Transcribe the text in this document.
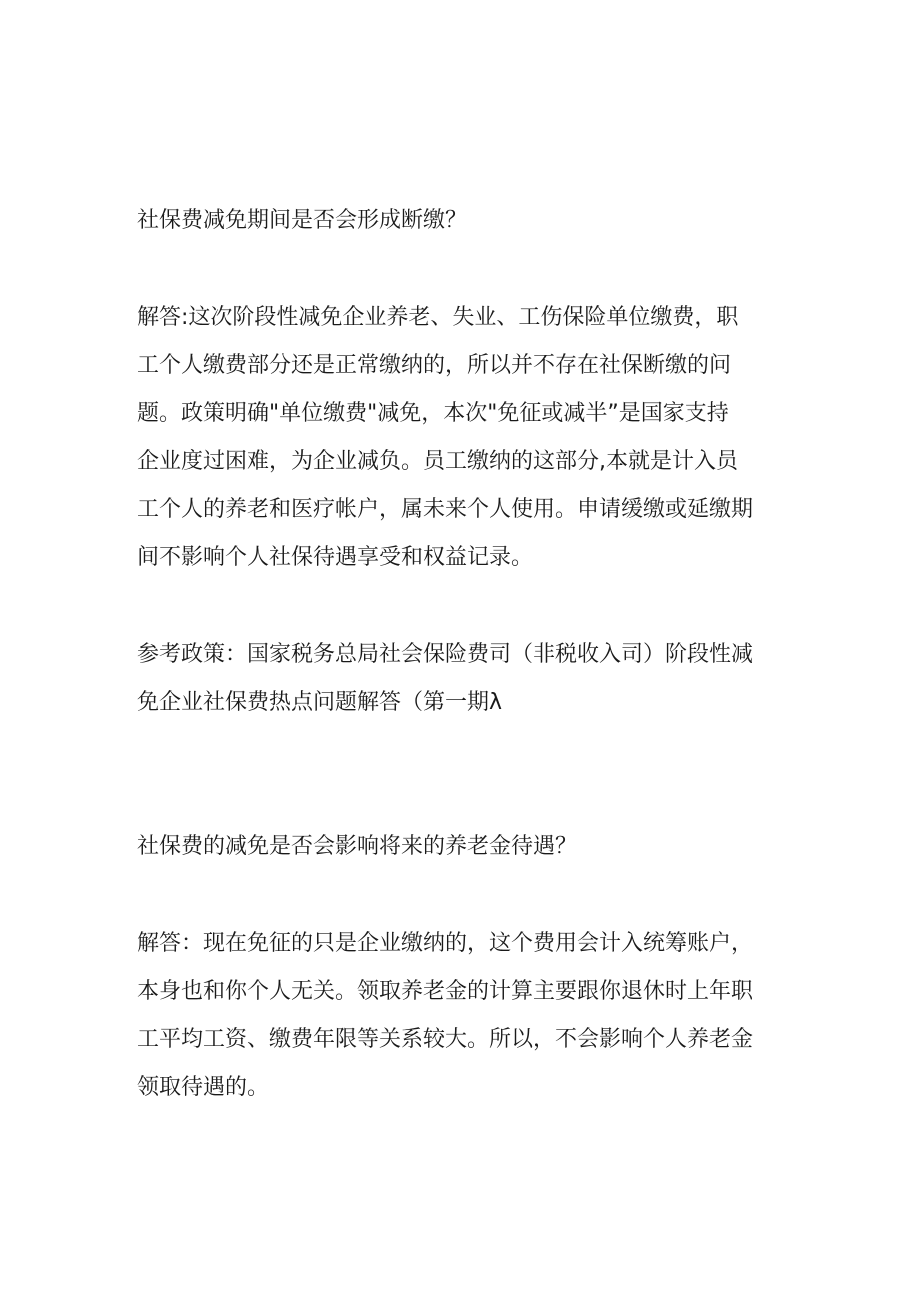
社保费减免期间是否会形成断缴？
解答:这次阶段性减免企业养老、失业、工伤保险单位缴费，职
工个人缴费部分还是正常缴纳的，所以并不存在社保断缴的问
题。政策明确"单位缴费"减免，本次"免征或减半”是国家支持
企业度过困难，为企业减负。员工缴纳的这部分,本就是计入员
工个人的养老和医疗帐户，属未来个人使用。申请缓缴或延缴期
间不影响个人社保待遇享受和权益记录。
参考政策：国家税务总局社会保险费司（非税收入司）阶段性减
免企业社保费热点问题解答（第一期λ
社保费的减免是否会影响将来的养老金待遇？
解答：现在免征的只是企业缴纳的，这个费用会计入统筹账户，
本身也和你个人无关。领取养老金的计算主要跟你退休时上年职
工平均工资、缴费年限等关系较大。所以，不会影响个人养老金
领取待遇的。
